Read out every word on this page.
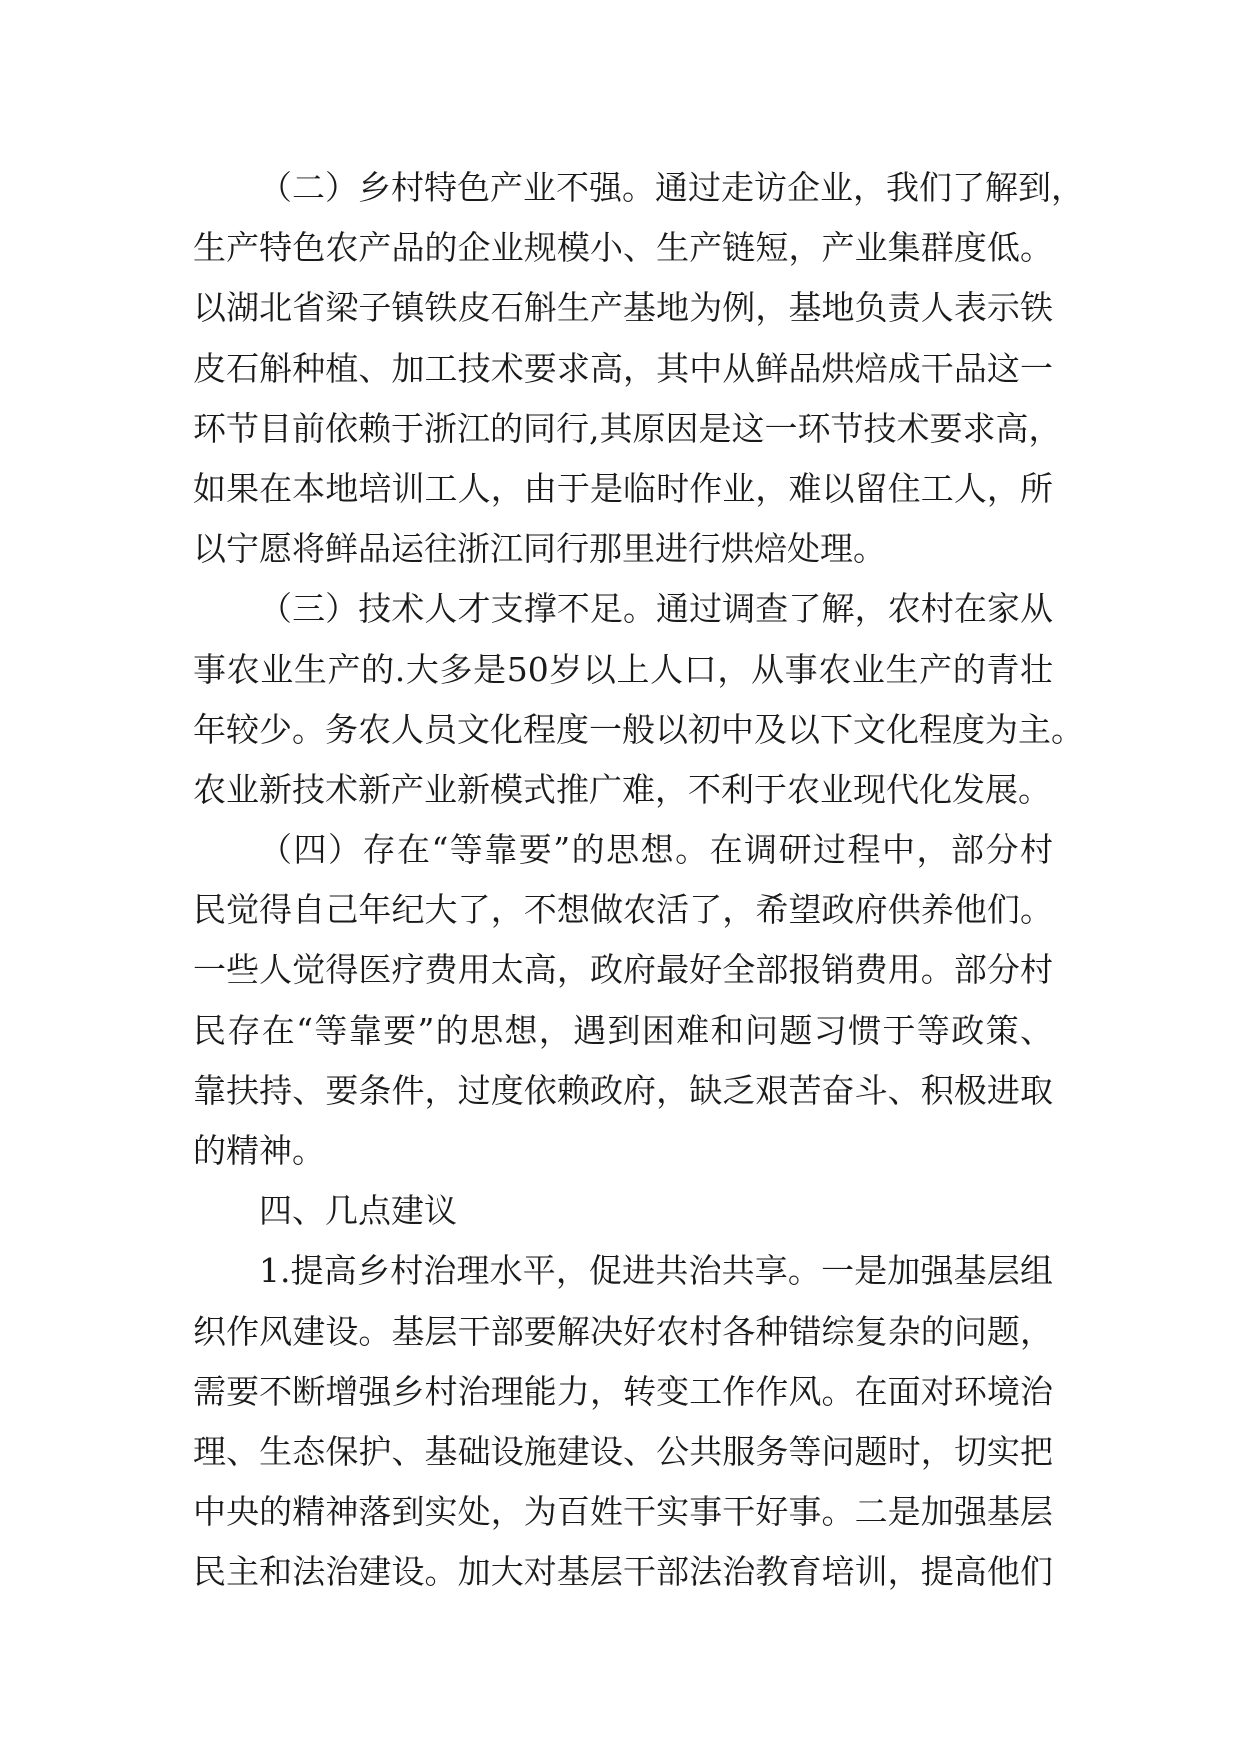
（二）乡村特色产业不强。通过走访企业，我们了解到，
生产特色农产品的企业规模小、生产链短，产业集群度低。
以湖北省梁子镇铁皮石斛生产基地为例，基地负责人表示铁
皮石斛种植、加工技术要求高，其中从鲜品烘焙成干品这一
环节目前依赖于浙江的同行,其原因是这一环节技术要求高，
如果在本地培训工人，由于是临时作业，难以留住工人，所
以宁愿将鲜品运往浙江同行那里进行烘焙处理。
（三）技术人才支撑不足。通过调查了解，农村在家从
事农业生产的.大多是50岁以上人口，从事农业生产的青壮
年较少。务农人员文化程度一般以初中及以下文化程度为主。
农业新技术新产业新模式推广难，不利于农业现代化发展。
（四）存在“等靠要”的思想。在调研过程中，部分村
民觉得自己年纪大了，不想做农活了，希望政府供养他们。
一些人觉得医疗费用太高，政府最好全部报销费用。部分村
民存在“等靠要”的思想，遇到困难和问题习惯于等政策、
靠扶持、要条件，过度依赖政府，缺乏艰苦奋斗、积极进取
的精神。
四、几点建议
1.提高乡村治理水平，促进共治共享。一是加强基层组
织作风建设。基层干部要解决好农村各种错综复杂的问题，
需要不断增强乡村治理能力，转变工作作风。在面对环境治
理、生态保护、基础设施建设、公共服务等问题时，切实把
中央的精神落到实处，为百姓干实事干好事。二是加强基层
民主和法治建设。加大对基层干部法治教育培训，提高他们
